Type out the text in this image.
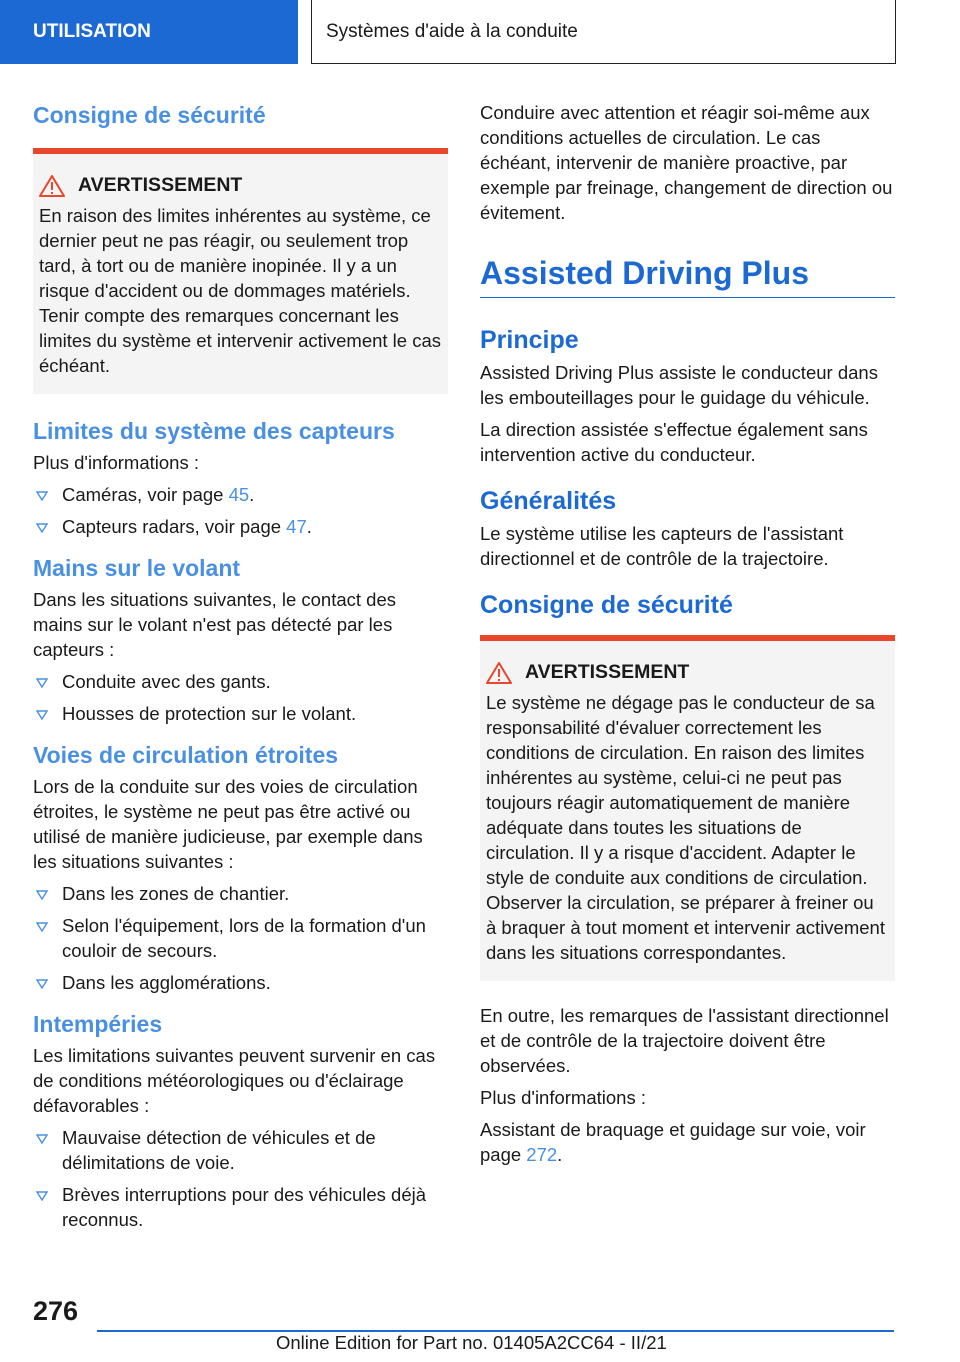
UTILISATION	Systèmes d'aide à la conduite
Consigne de sécurité
AVERTISSEMENT

En raison des limites inhérentes au système, ce dernier peut ne pas réagir, ou seulement trop tard, à tort ou de manière inopinée. Il y a un risque d'accident ou de dommages matériels. Tenir compte des remarques concernant les limites du système et intervenir activement le cas échéant.

Limites du système des capteurs

Plus d'informations :

Caméras, voir page 45.
Capteurs radars, voir page 47.
Mains sur le volant

Dans les situations suivantes, le contact des mains sur le volant n'est pas détecté par les capteurs :

Conduite avec des gants.
Housses de protection sur le volant.
Voies de circulation étroites

Lors de la conduite sur des voies de circulation étroites, le système ne peut pas être activé ou utilisé de manière judicieuse, par exemple dans les situations suivantes :

Dans les zones de chantier.
Selon l'équipement, lors de la formation d'un couloir de secours.
Dans les agglomérations.
Intempéries

Les limitations suivantes peuvent survenir en cas de conditions météorologiques ou d'éclairage défavorables :

Mauvaise détection de véhicules et de délimitations de voie.
Brèves interruptions pour des véhicules déjà reconnus.

Conduire avec attention et réagir soi-même aux conditions actuelles de circulation. Le cas échéant, intervenir de manière proactive, par exemple par freinage, changement de direction ou évitement.

Assisted Driving Plus
Principe

Assisted Driving Plus assiste le conducteur dans les embouteillages pour le guidage du véhicule.

La direction assistée s'effectue également sans intervention active du conducteur.

Généralités

Le système utilise les capteurs de l'assistant directionnel et de contrôle de la trajectoire.

Consigne de sécurité
AVERTISSEMENT

Le système ne dégage pas le conducteur de sa responsabilité d'évaluer correctement les conditions de circulation. En raison des limites inhérentes au système, celui-ci ne peut pas toujours réagir automatiquement de manière adéquate dans toutes les situations de circulation. Il y a risque d'accident. Adapter le style de conduite aux conditions de circulation. Observer la circulation, se préparer à freiner ou à braquer à tout moment et intervenir activement dans les situations correspondantes.

En outre, les remarques de l'assistant directionnel et de contrôle de la trajectoire doivent être observées.

Plus d'informations :

Assistant de braquage et guidage sur voie, voir page 272.

276
Online Edition for Part no. 01405A2CC64 - II/21
